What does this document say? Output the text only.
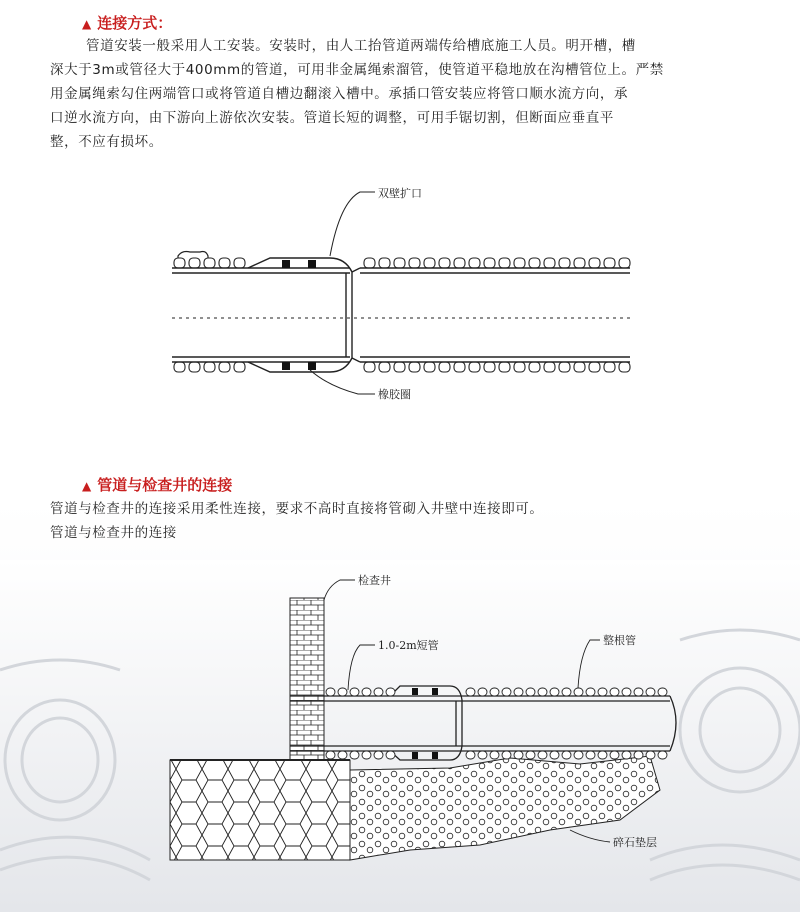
▲ 连接方式：
管道安装一般采用人工安装。安装时，由人工抬管道两端传给槽底施工人员。明开槽，槽
深大于3m或管径大于400mm的管道，可用非金属绳索溜管，使管道平稳地放在沟槽管位上。严禁
用金属绳索勾住两端管口或将管道自槽边翻滚入槽中。承插口管安装应将管口顺水流方向，承
口逆水流方向，由下游向上游依次安装。管道长短的调整，可用手锯切割，但断面应垂直平
整，不应有损坏。
双壁扩口
橡胶圈
▲ 管道与检查井的连接
管道与检查井的连接采用柔性连接，要求不高时直接将管砌入井壁中连接即可。
管道与检查井的连接
检查井
1.0-2m短管	整根管
碎石垫层
